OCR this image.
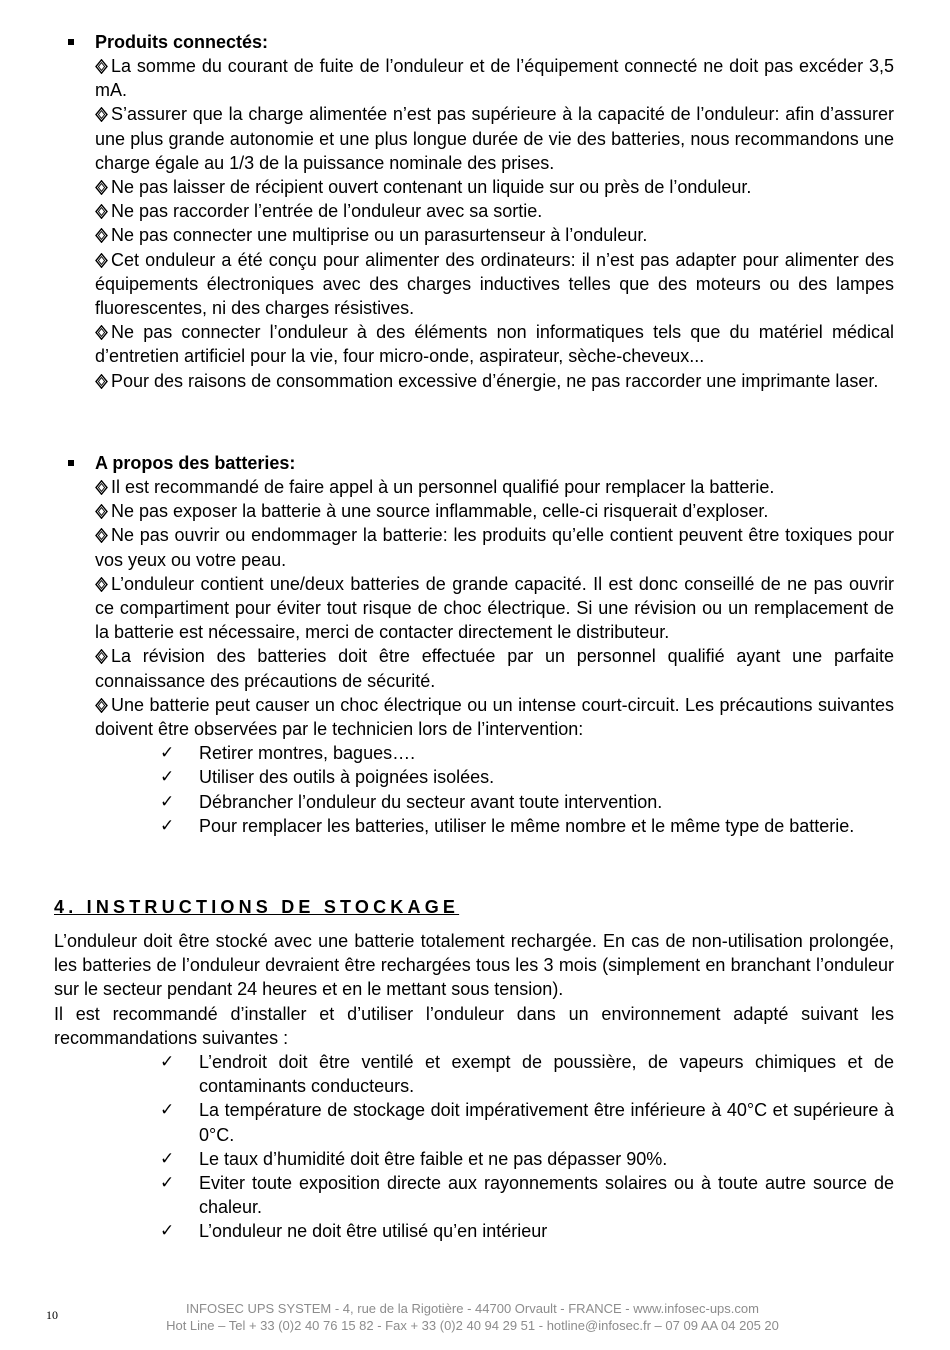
Produits connectés:
La somme du courant de fuite de l’onduleur et de l’équipement connecté ne doit pas excéder 3,5 mA.
S’assurer que la charge alimentée n’est pas supérieure à la capacité de l’onduleur: afin d’assurer une plus grande autonomie et une plus longue durée de vie des batteries, nous recommandons une charge égale au 1/3 de la puissance nominale des prises.
Ne pas laisser de récipient ouvert contenant un liquide sur ou près de l’onduleur.
Ne pas raccorder l’entrée de l’onduleur avec sa sortie.
Ne pas connecter une multiprise ou un parasurtenseur à l’onduleur.
Cet onduleur a été conçu pour alimenter des ordinateurs: il n’est pas adapter pour alimenter des équipements électroniques avec des charges inductives telles que des moteurs ou des lampes fluorescentes, ni des charges résistives.
Ne pas connecter l’onduleur à des éléments non informatiques tels que du matériel médical d’entretien artificiel pour la vie, four micro-onde, aspirateur, sèche-cheveux...
Pour des raisons de consommation excessive d’énergie, ne pas raccorder une imprimante laser.
A propos des batteries:
Il est recommandé de faire appel à un personnel qualifié pour remplacer la batterie.
Ne pas exposer la batterie à une source inflammable, celle-ci risquerait d’exploser.
Ne pas ouvrir ou endommager la batterie: les produits qu’elle contient peuvent être toxiques pour vos yeux ou votre peau.
L’onduleur contient une/deux batteries de grande capacité. Il est donc conseillé de ne pas ouvrir ce compartiment pour éviter tout risque de choc électrique. Si une révision ou un remplacement de la batterie est nécessaire, merci de contacter directement le distributeur.
La révision des batteries doit être effectuée par un personnel qualifié ayant une parfaite connaissance des précautions de sécurité.
Une batterie peut causer un choc électrique ou un intense court-circuit. Les précautions suivantes doivent être observées par le technicien lors de l’intervention:
✓ Retirer montres, bagues….
✓ Utiliser des outils à poignées isolées.
✓ Débrancher l’onduleur du secteur avant toute intervention.
✓ Pour remplacer les batteries, utiliser le même nombre et le même type de batterie.
4. INSTRUCTIONS DE STOCKAGE
L’onduleur doit être stocké avec une batterie totalement rechargée. En cas de non-utilisation prolongée, les batteries de l’onduleur devraient être rechargées tous les 3 mois (simplement en branchant l’onduleur sur le secteur pendant 24 heures et en le mettant sous tension).
Il est recommandé d’installer et d’utiliser l’onduleur dans un environnement adapté suivant les recommandations suivantes :
✓ L’endroit doit être ventilé et exempt de poussière, de vapeurs chimiques et de contaminants conducteurs.
✓ La température de stockage doit impérativement être inférieure à 40°C et supérieure à 0°C.
✓ Le taux d’humidité doit être faible et ne pas dépasser 90%.
✓ Eviter toute exposition directe aux rayonnements solaires ou à toute autre source de chaleur.
✓ L’onduleur ne doit être utilisé qu’en intérieur
10	INFOSEC UPS SYSTEM - 4, rue de la Rigotière - 44700 Orvault - FRANCE - www.infosec-ups.com
Hot Line – Tel + 33 (0)2 40 76 15 82 - Fax + 33 (0)2 40 94 29 51 - hotline@infosec.fr – 07 09 AA 04 205 20
